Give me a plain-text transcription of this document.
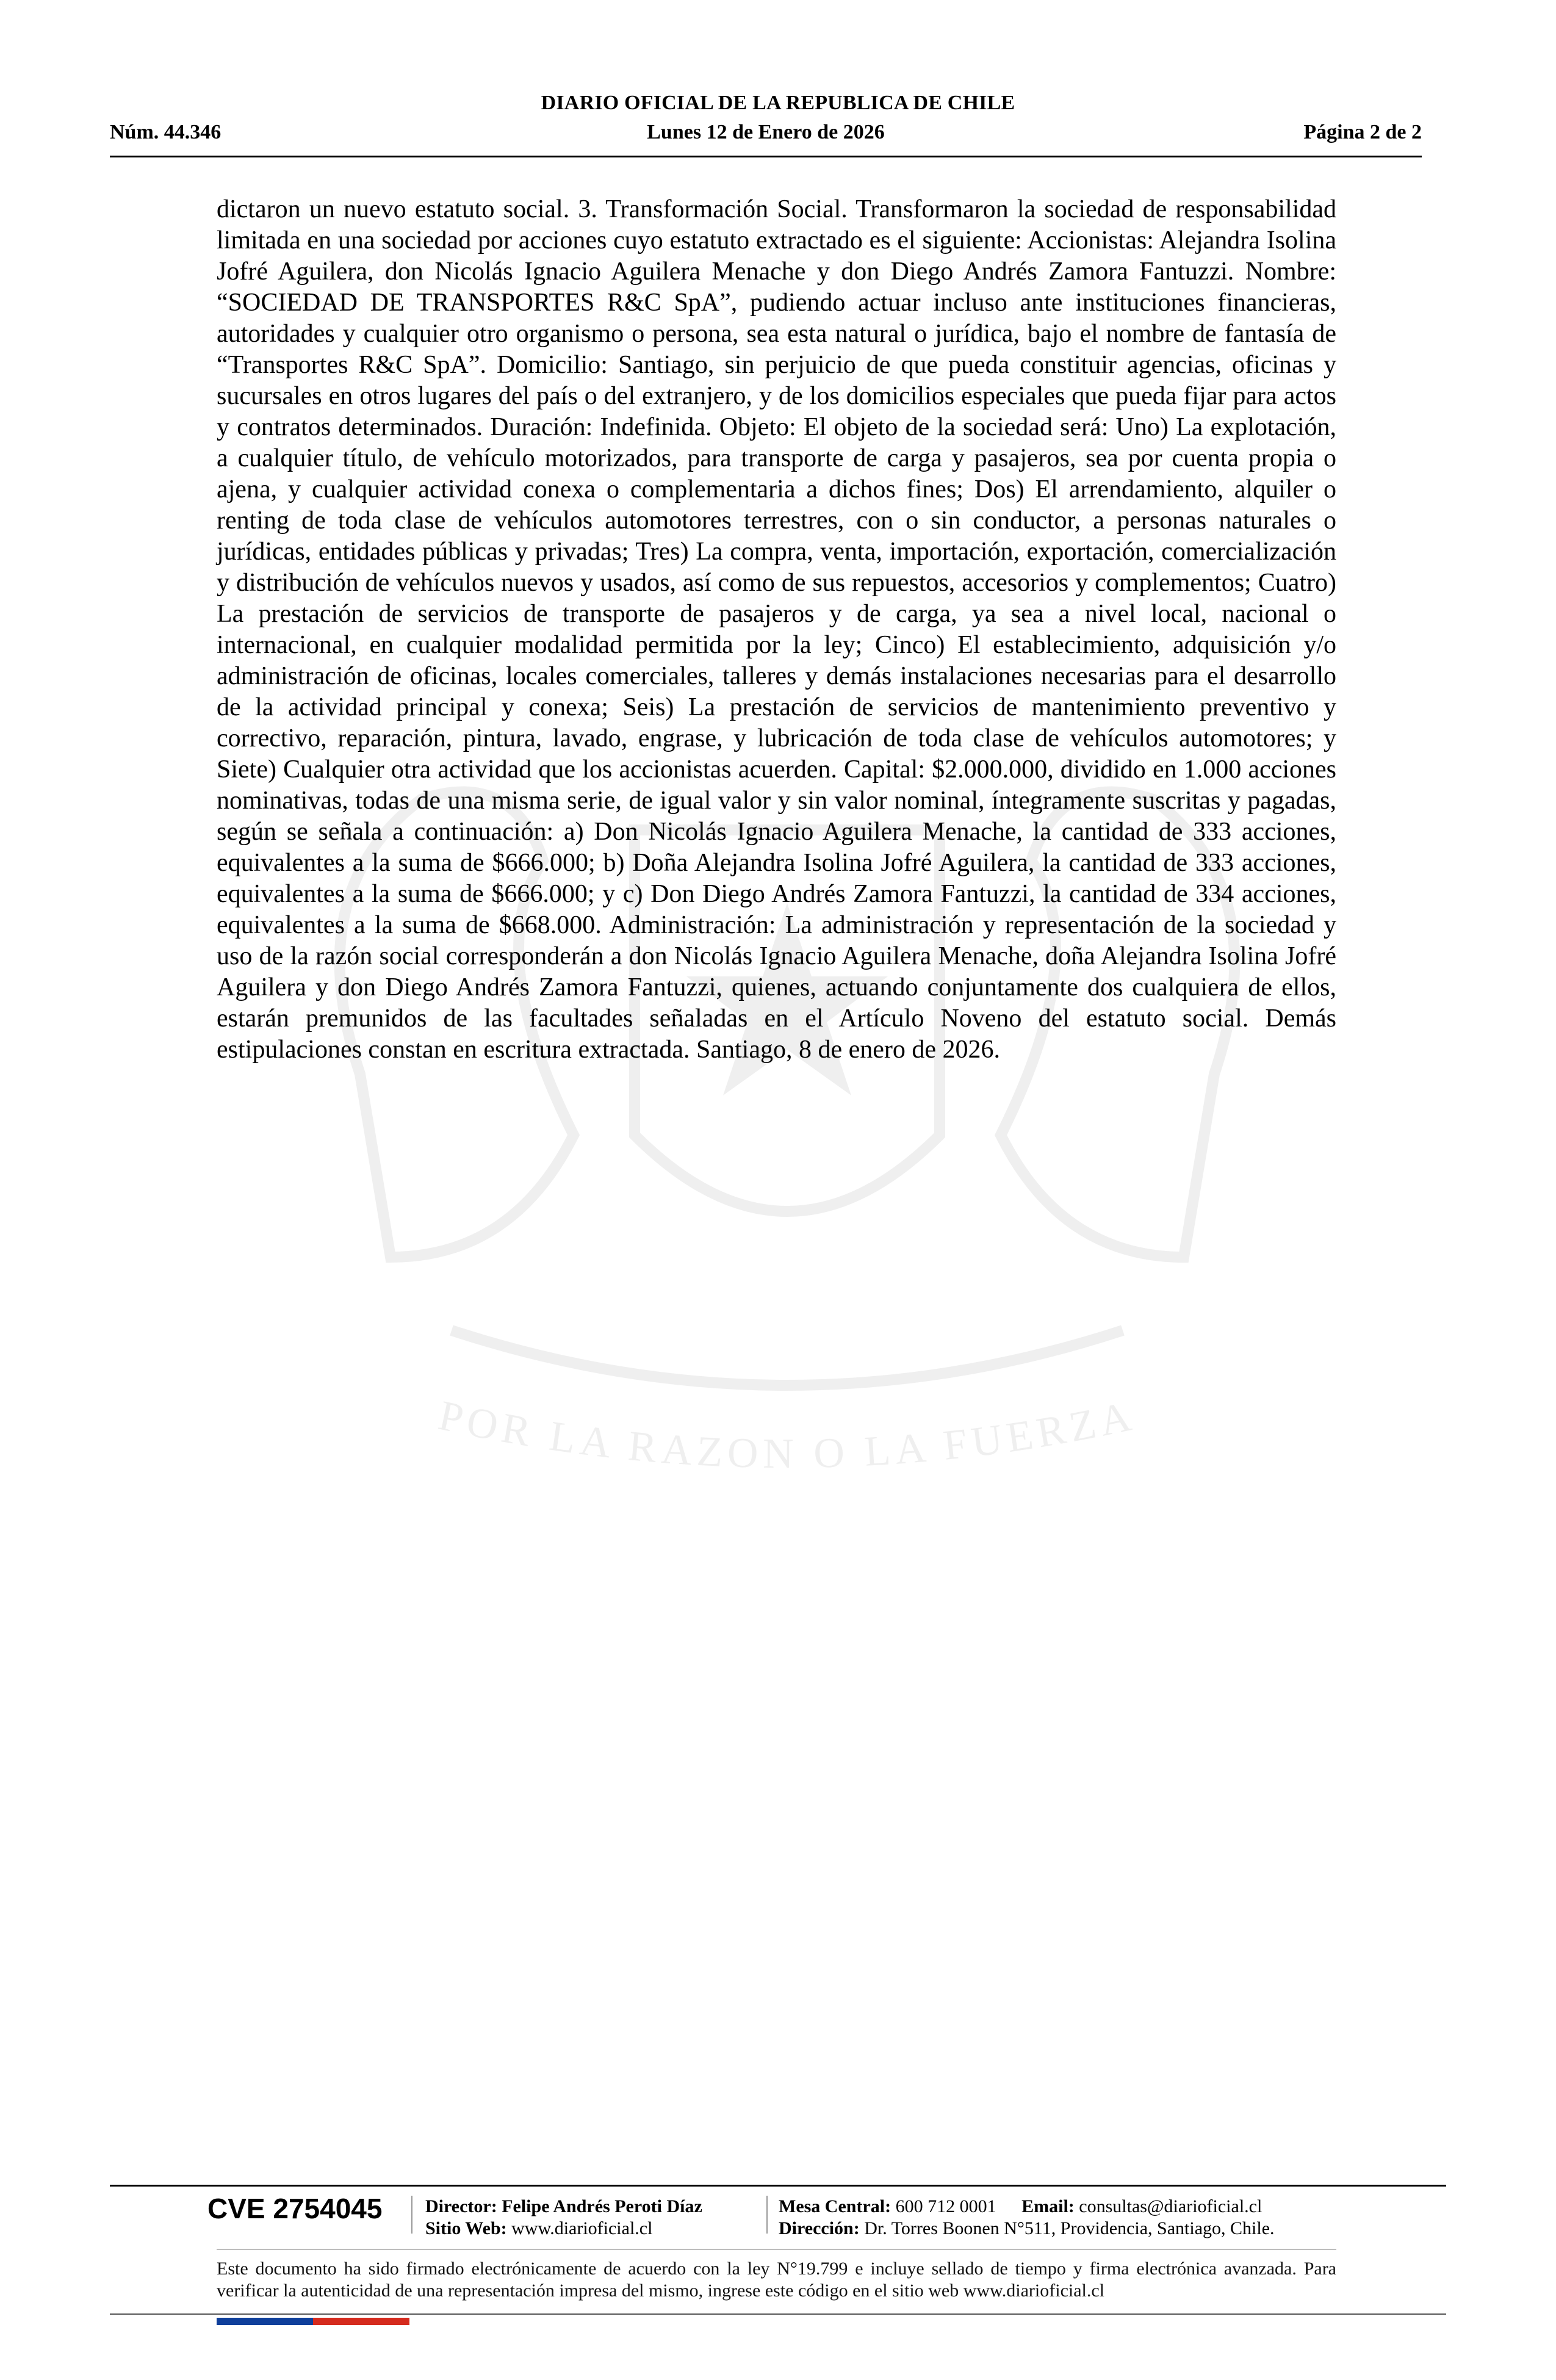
DIARIO OFICIAL DE LA REPUBLICA DE CHILE
Núm. 44.346	Lunes 12 de Enero de 2026	Página 2 de 2
POR LA RAZON O LA FUERZA
dictaron un nuevo estatuto social. 3. Transformación Social. Transformaron la sociedad de responsabilidad limitada en una sociedad por acciones cuyo estatuto extractado es el siguiente: Accionistas: Alejandra Isolina Jofré Aguilera, don Nicolás Ignacio Aguilera Menache y don Diego Andrés Zamora Fantuzzi. Nombre: “SOCIEDAD DE TRANSPORTES R&C SpA”, pudiendo actuar incluso ante instituciones financieras, autoridades y cualquier otro organismo o persona, sea esta natural o jurídica, bajo el nombre de fantasía de “Transportes R&C SpA”. Domicilio: Santiago, sin perjuicio de que pueda constituir agencias, oficinas y sucursales en otros lugares del país o del extranjero, y de los domicilios especiales que pueda fijar para actos y contratos determinados. Duración: Indefinida. Objeto: El objeto de la sociedad será: Uno) La explotación, a cualquier título, de vehículo motorizados, para transporte de carga y pasajeros, sea por cuenta propia o ajena, y cualquier actividad conexa o complementaria a dichos fines; Dos) El arrendamiento, alquiler o renting de toda clase de vehículos automotores terrestres, con o sin conductor, a personas naturales o jurídicas, entidades públicas y privadas; Tres) La compra, venta, importación, exportación, comercialización y distribución de vehículos nuevos y usados, así como de sus repuestos, accesorios y complementos; Cuatro) La prestación de servicios de transporte de pasajeros y de carga, ya sea a nivel local, nacional o internacional, en cualquier modalidad permitida por la ley; Cinco) El establecimiento, adquisición y/o administración de oficinas, locales comerciales, talleres y demás instalaciones necesarias para el desarrollo de la actividad principal y conexa; Seis) La prestación de servicios de mantenimiento preventivo y correctivo, reparación, pintura, lavado, engrase, y lubricación de toda clase de vehículos automotores; y Siete) Cualquier otra actividad que los accionistas acuerden. Capital: $2.000.000, dividido en 1.000 acciones nominativas, todas de una misma serie, de igual valor y sin valor nominal, íntegramente suscritas y pagadas, según se señala a continuación: a) Don Nicolás Ignacio Aguilera Menache, la cantidad de 333 acciones, equivalentes a la suma de $666.000; b) Doña Alejandra Isolina Jofré Aguilera, la cantidad de 333 acciones, equivalentes a la suma de $666.000; y c) Don Diego Andrés Zamora Fantuzzi, la cantidad de 334 acciones, equivalentes a la suma de $668.000. Administración: La administración y representación de la sociedad y uso de la razón social corresponderán a don Nicolás Ignacio Aguilera Menache, doña Alejandra Isolina Jofré Aguilera y don Diego Andrés Zamora Fantuzzi, quienes, actuando conjuntamente dos cualquiera de ellos, estarán premunidos de las facultades señaladas en el Artículo Noveno del estatuto social. Demás estipulaciones constan en escritura extractada. Santiago, 8 de enero de 2026.
CVE 2754045 Director: Felipe Andrés Peroti Díaz
Sitio Web: www.diarioficial.cl
Mesa Central: 600 712 0001 Email: consultas@diarioficial.cl
Dirección: Dr. Torres Boonen N°511, Providencia, Santiago, Chile.
Este documento ha sido firmado electrónicamente de acuerdo con la ley N°19.799 e incluye sellado de tiempo y firma electrónica avanzada. Para verificar la autenticidad de una representación impresa del mismo, ingrese este código en el sitio web www.diarioficial.cl
